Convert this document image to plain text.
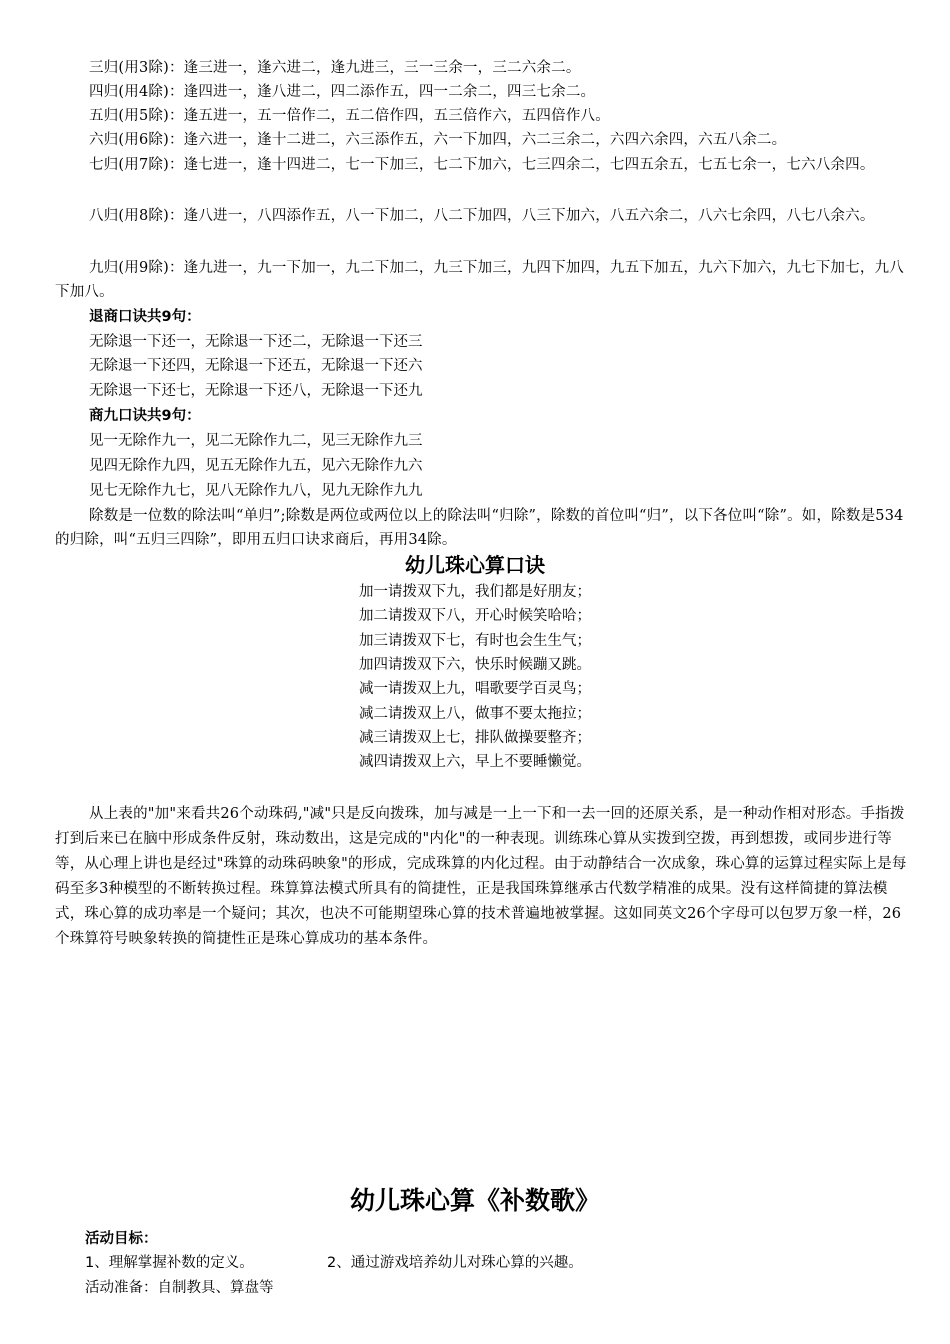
三归(用3除)：逢三进一，逢六进二，逢九进三，三一三余一，三二六余二。

四归(用4除)：逢四进一，逢八进二，四二添作五，四一二余二，四三七余二。

五归(用5除)：逢五进一，五一倍作二，五二倍作四，五三倍作六，五四倍作八。

六归(用6除)：逢六进一，逢十二进二，六三添作五，六一下加四，六二三余二，六四六余四，六五八余二。

七归(用7除)：逢七进一，逢十四进二，七一下加三，七二下加六，七三四余二，七四五余五，七五七余一，七六八余四。

八归(用8除)：逢八进一，八四添作五，八一下加二，八二下加四，八三下加六，八五六余二，八六七余四，八七八余六。

九归(用9除)：逢九进一，九一下加一，九二下加二，九三下加三，九四下加四，九五下加五，九六下加六，九七下加七，九八下加八。

退商口诀共9句：

无除退一下还一，无除退一下还二，无除退一下还三

无除退一下还四，无除退一下还五，无除退一下还六

无除退一下还七，无除退一下还八，无除退一下还九

商九口诀共9句：

见一无除作九一，见二无除作九二，见三无除作九三

见四无除作九四，见五无除作九五，见六无除作九六

见七无除作九七，见八无除作九八，见九无除作九九

除数是一位数的除法叫“单归”;除数是两位或两位以上的除法叫“归除”，除数的首位叫“归”，以下各位叫“除”。如，除数是534的归除，叫“五归三四除”，即用五归口诀求商后，再用34除。

幼儿珠心算口诀

加一请拨双下九，我们都是好朋友；

加二请拨双下八，开心时候笑哈哈；

加三请拨双下七，有时也会生生气；

加四请拨双下六，快乐时候蹦又跳。

减一请拨双上九，唱歌要学百灵鸟；

减二请拨双上八，做事不要太拖拉；

减三请拨双上七，排队做操要整齐；

减四请拨双上六，早上不要睡懒觉。

从上表的"加"来看共26个动珠码,"减"只是反向拨珠，加与减是一上一下和一去一回的还原关系，是一种动作相对形态。手指拨打到后来已在脑中形成条件反射，珠动数出，这是完成的"内化"的一种表现。训练珠心算从实拨到空拨，再到想拨，或同步进行等等，从心理上讲也是经过"珠算的动珠码映象"的形成，完成珠算的内化过程。由于动静结合一次成象，珠心算的运算过程实际上是每码至多3种模型的不断转换过程。珠算算法模式所具有的简捷性，正是我国珠算继承古代数学精准的成果。没有这样简捷的算法模式，珠心算的成功率是一个疑问；其次，也决不可能期望珠心算的技术普遍地被掌握。这如同英文26个字母可以包罗万象一样，26个珠算符号映象转换的简捷性正是珠心算成功的基本条件。

幼儿珠心算《补数歌》

活动目标：

1、理解掌握补数的定义。	2、通过游戏培养幼儿对珠心算的兴趣。

活动准备：自制教具、算盘等
